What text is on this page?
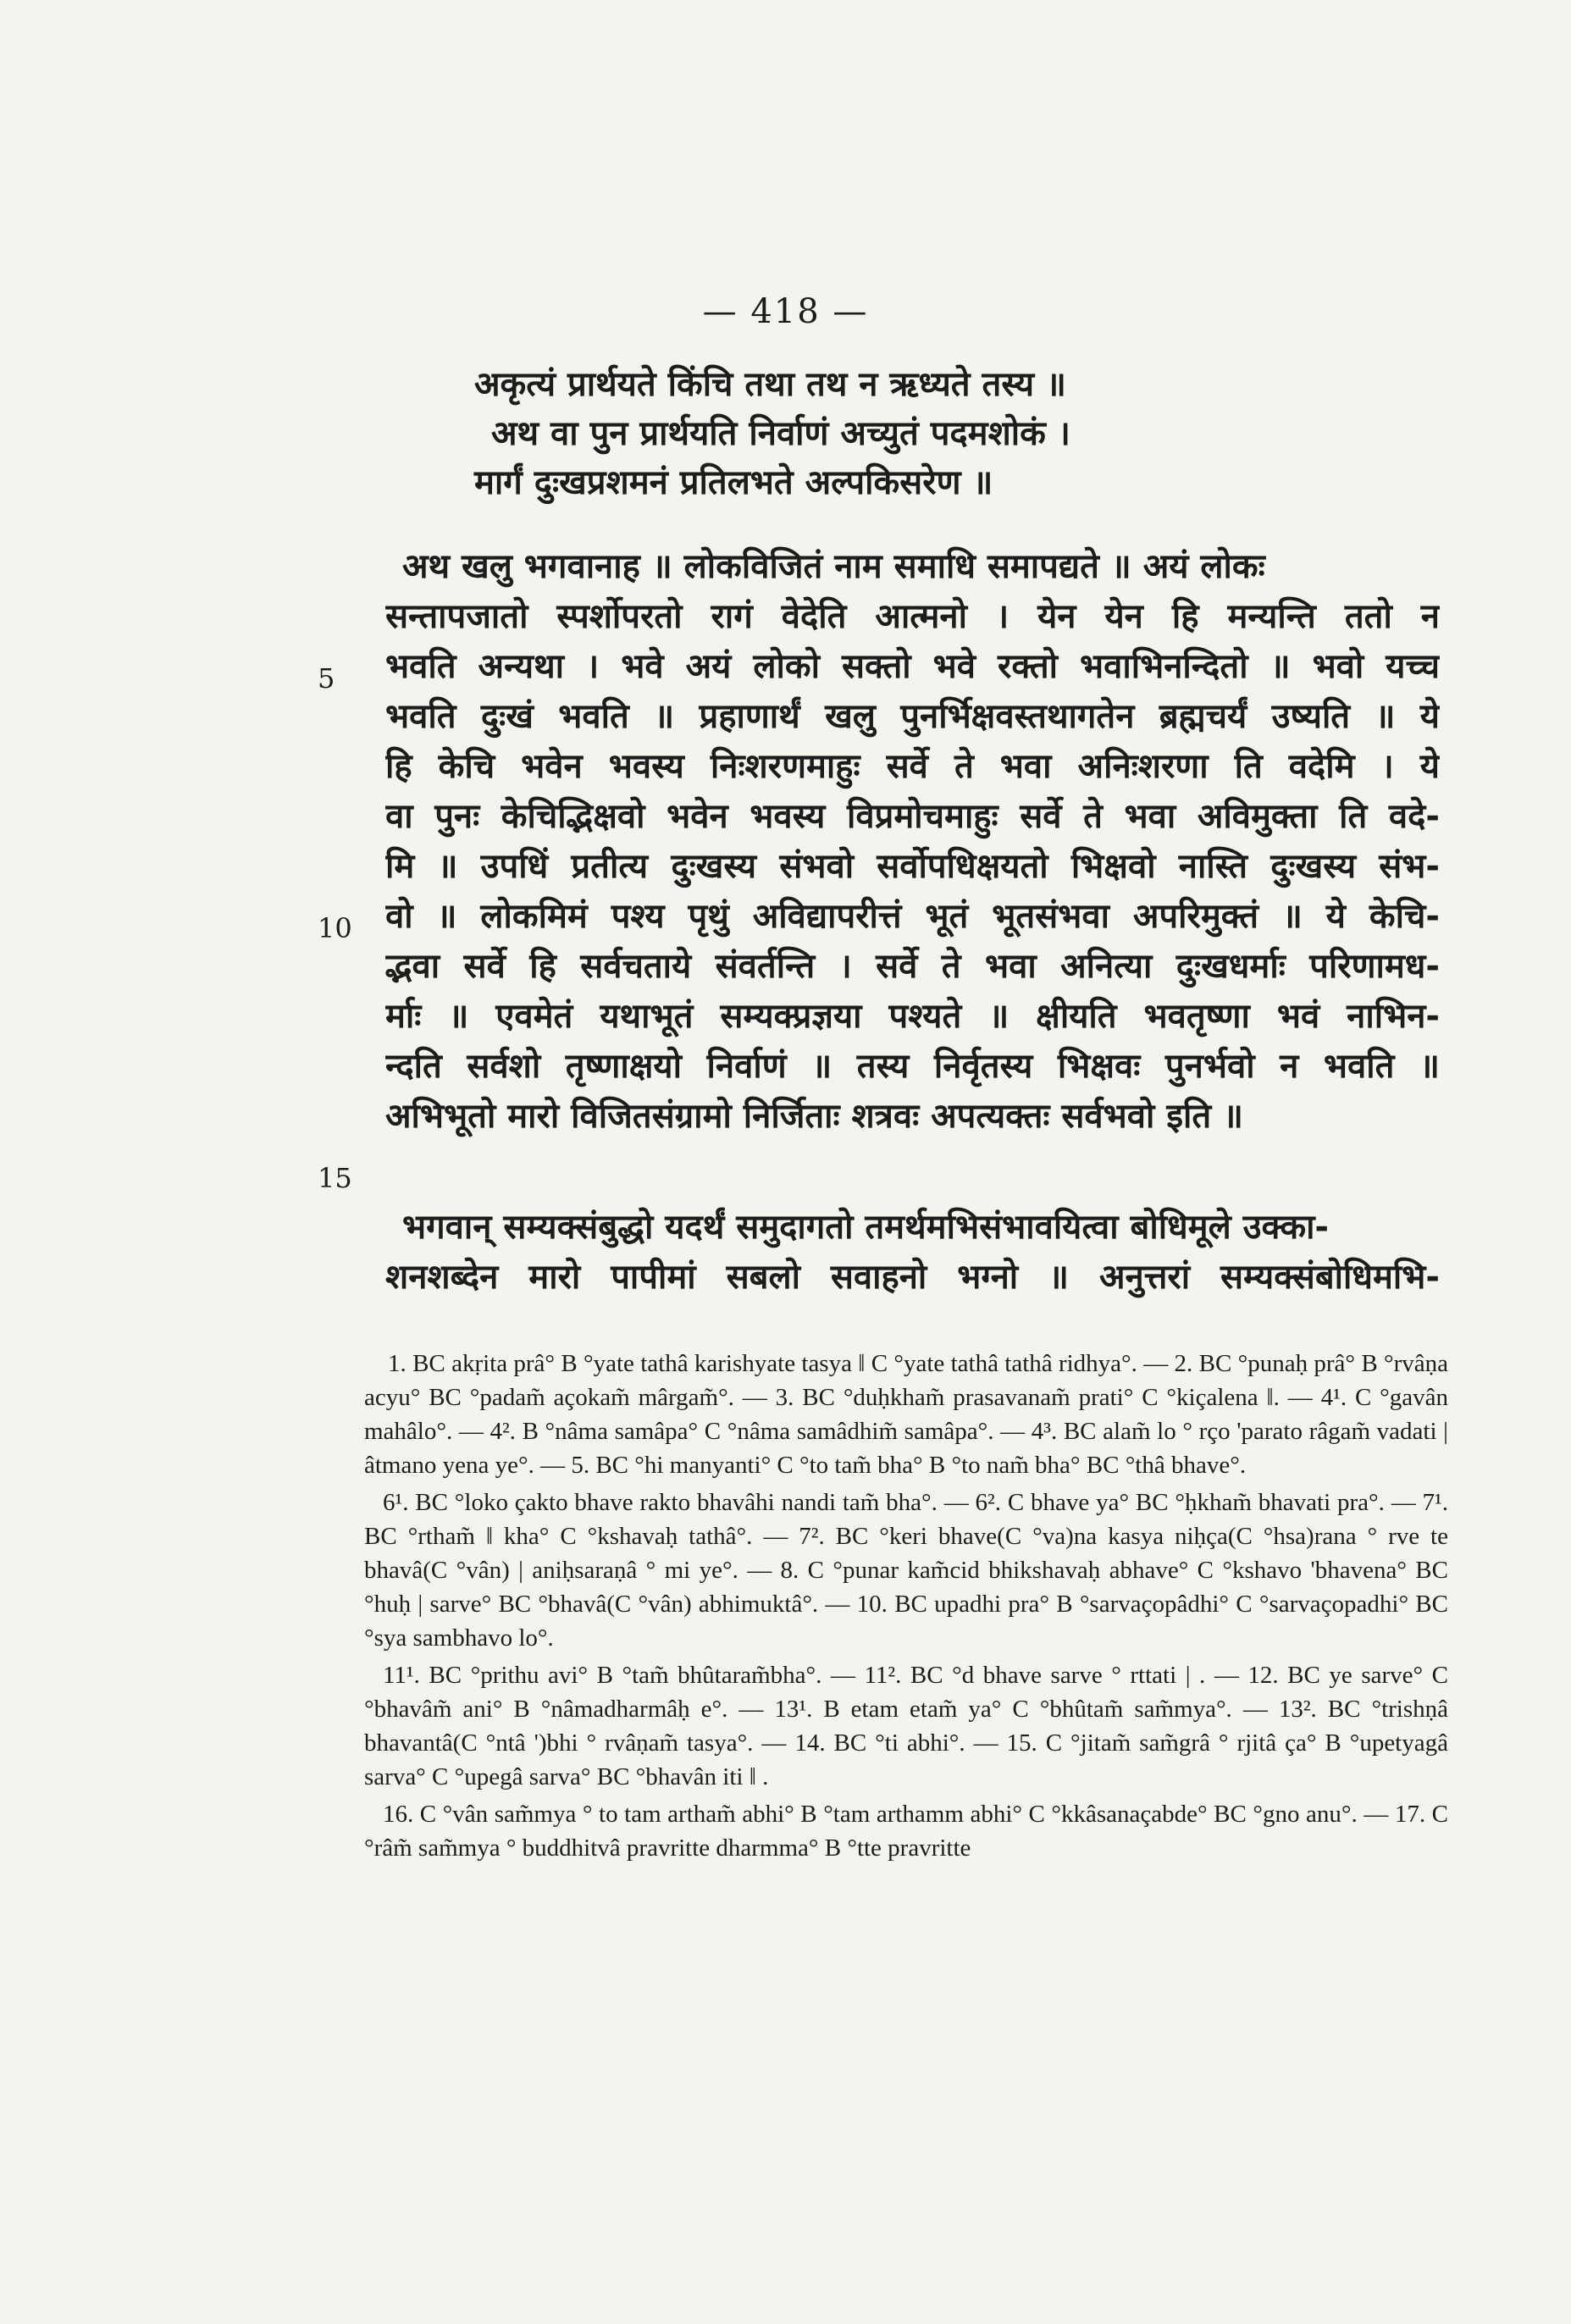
— 418 —
अकृत्यं प्रार्थयते किंचि तथा तथ न ऋध्यते तस्य ॥
अथ वा पुन प्रार्थयति निर्वाणं अच्युतं पदमशोकं ।
मार्गं दुःखप्रशमनं प्रतिलभते अल्पकिसरेण ॥
5
10
15
अथ खलु भगवानाह ॥ लोकविजितं नाम समाधि समापद्यते ॥ अयं लोकः
सन्तापजातो स्पर्शोपरतो रागं वेदेति आत्मनो । येन येन हि मन्यन्ति ततो न
भवति अन्यथा । भवे अयं लोको सक्तो भवे रक्तो भवाभिनन्दितो ॥ भवो यच्च
भवति दुःखं भवति ॥ प्रहाणार्थं खलु पुनर्भिक्षवस्तथागतेन ब्रह्मचर्यं उष्यति ॥ ये
हि केचि भवेन भवस्य निःशरणमाहुः सर्वे ते भवा अनिःशरणा ति वदेमि । ये
वा पुनः केचिद्भिक्षवो भवेन भवस्य विप्रमोचमाहुः सर्वे ते भवा अविमुक्ता ति वदे-
मि ॥ उपधिं प्रतीत्य दुःखस्य संभवो सर्वोपधिक्षयतो भिक्षवो नास्ति दुःखस्य संभ-
वो ॥ लोकमिमं पश्य पृथुं अविद्यापरीत्तं भूतं भूतसंभवा अपरिमुक्तं ॥ ये केचि-
द्भवा सर्वे हि सर्वचताये संवर्तन्ति । सर्वे ते भवा अनित्या दुःखधर्माः परिणामध-
र्माः ॥ एवमेतं यथाभूतं सम्यक्प्रज्ञया पश्यते ॥ क्षीयति भवतृष्णा भवं नाभिन-
न्दति सर्वशो तृष्णाक्षयो निर्वाणं ॥ तस्य निर्वृतस्य भिक्षवः पुनर्भवो न भवति ॥
अभिभूतो मारो विजितसंग्रामो निर्जिताः शत्रवः अपत्यक्तः सर्वभवो इति ॥
भगवान् सम्यक्संबुद्धो यदर्थं समुदागतो तमर्थमभिसंभावयित्वा बोधिमूले उक्का-
शनशब्देन मारो पापीमां सबलो सवाहनो भग्नो ॥ अनुत्तरां सम्यक्संबोधिमभि-

1. BC akṛita prâ° B °yate tathâ karishyate tasya ‖ C °yate tathâ tathâ ridhya°. — 2. BC °punaḥ prâ° B °rvâṇa acyu° BC °padam̃ açokam̃ mârgam̃°. — 3. BC °duḥkham̃ prasavanam̃ prati° C °kiçalena ‖. — 4¹. C °gavân mahâlo°. — 4². B °nâma samâpa° C °nâma samâdhim̃ samâpa°. — 4³. BC alam̃ lo ° rço 'parato râgam̃ vadati | âtmano yena ye°. — 5. BC °hi manyanti° C °to tam̃ bha° B °to nam̃ bha° BC °thâ bhave°.

6¹. BC °loko çakto bhave rakto bhavâhi nandi tam̃ bha°. — 6². C bhave ya° BC °ḥkham̃ bhavati pra°. — 7¹. BC °rtham̃ ‖ kha° C °kshavaḥ tathâ°. — 7². BC °keri bhave(C °va)na kasya niḥça(C °hsa)rana ° rve te bhavâ(C °vân) | aniḥsaraṇâ ° mi ye°. — 8. C °punar kam̃cid bhikshavaḥ abhave° C °kshavo 'bhavena° BC °huḥ | sarve° BC °bhavâ(C °vân) abhimuktâ°. — 10. BC upadhi pra° B °sarvaçopâdhi° C °sarvaçopadhi° BC °sya sambhavo lo°.

11¹. BC °prithu avi° B °tam̃ bhûtaram̃bha°. — 11². BC °d bhave sarve ° rttati | . — 12. BC ye sarve° C °bhavâm̃ ani° B °nâmadharmâḥ e°. — 13¹. B etam etam̃ ya° C °bhûtam̃ sam̃mya°. — 13². BC °trishṇâ bhavantâ(C °ntâ ')bhi ° rvâṇam̃ tasya°. — 14. BC °ti abhi°. — 15. C °jitam̃ sam̃grâ ° rjitâ ça° B °upetyagâ sarva° C °upegâ sarva° BC °bhavân iti ‖ .

16. C °vân sam̃mya ° to tam artham̃ abhi° B °tam arthamm abhi° C °kkâsanaçabde° BC °gno anu°. — 17. C °râm̃ sam̃mya ° buddhitvâ pravritte dharmma° B °tte pravritte
